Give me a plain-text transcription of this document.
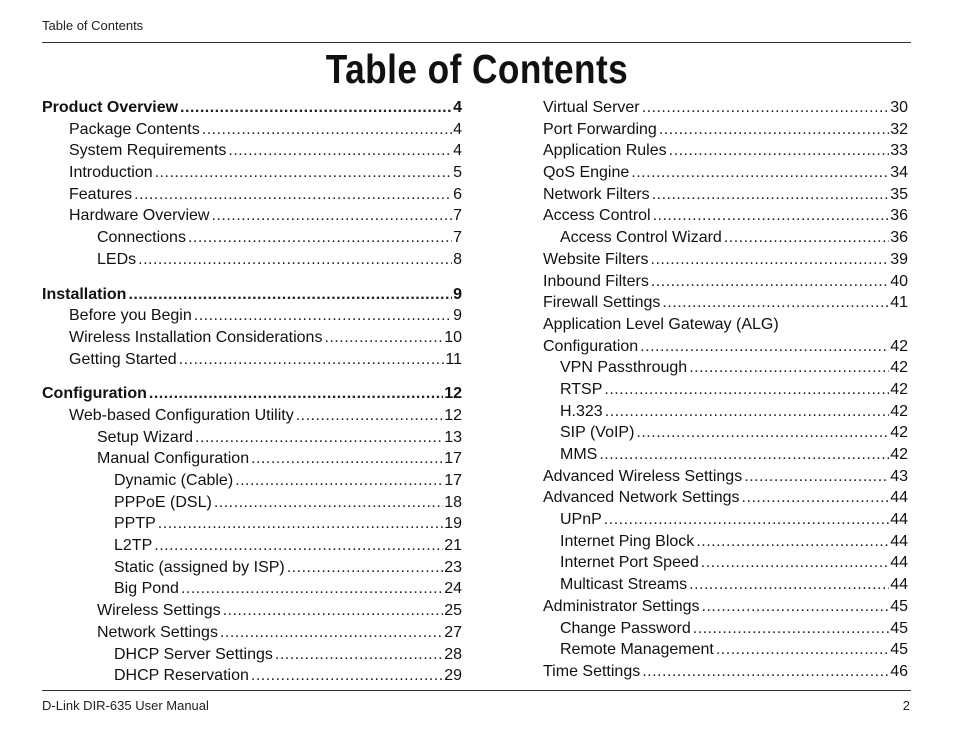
Table of Contents
Table of Contents
Product Overview .....	4
Package Contents .....	4
System Requirements .....	4
Introduction .....	5
Features .....	6
Hardware Overview .....	7
Connections .....	7
LEDs .....	8
Installation .....	9
Before you Begin .....	9
Wireless Installation Considerations .....	10
Getting Started .....	11
Configuration .....	12
Web-based Configuration Utility .....	12
Setup Wizard .....	13
Manual Configuration .....	17
Dynamic (Cable) .....	17
PPPoE (DSL) .....	18
PPTP .....	19
L2TP .....	21
Static (assigned by ISP) .....	23
Big Pond .....	24
Wireless Settings .....	25
Network Settings .....	27
DHCP Server Settings .....	28
DHCP Reservation .....	29
Virtual Server .....	30
Port Forwarding .....	32
Application Rules .....	33
QoS Engine .....	34
Network Filters .....	35
Access Control .....	36
Access Control Wizard .....	36
Website Filters .....	39
Inbound Filters .....	40
Firewall Settings .....	41
Application Level Gateway (ALG)
Configuration .....	42
VPN Passthrough .....	42
RTSP .....	42
H.323 .....	42
SIP (VoIP) .....	42
MMS .....	42
Advanced Wireless Settings .....	43
Advanced Network Settings .....	44
UPnP .....	44
Internet Ping Block .....	44
Internet Port Speed .....	44
Multicast Streams .....	44
Administrator Settings .....	45
Change Password .....	45
Remote Management .....	45
Time Settings .....	46
D-Link DIR-635 User Manual	2
